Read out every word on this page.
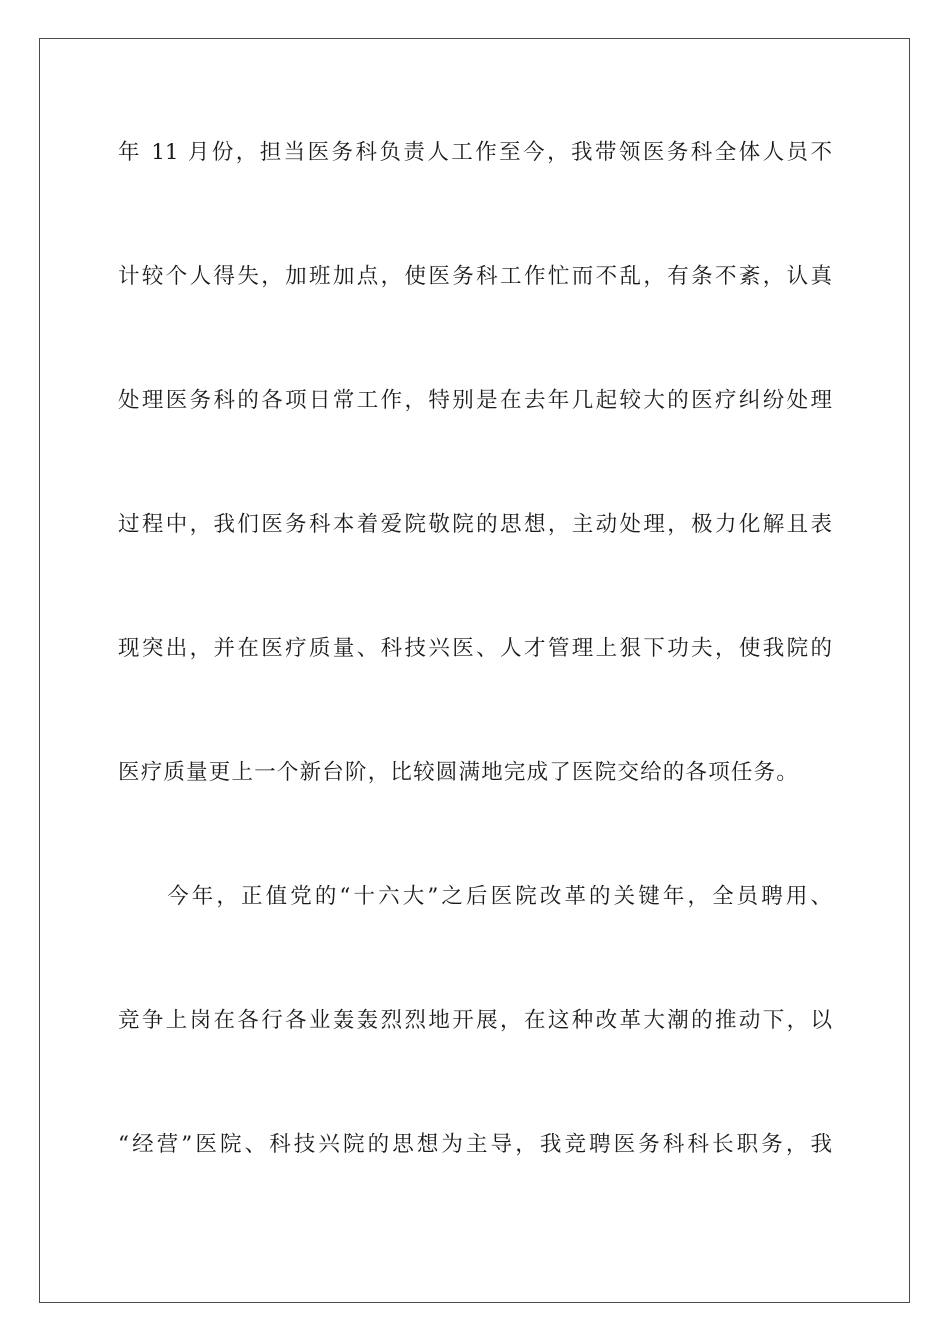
年 11 月份，担当医务科负责人工作至今，我带领医务科全体人员不
计较个人得失，加班加点，使医务科工作忙而不乱，有条不紊，认真
处理医务科的各项日常工作，特别是在去年几起较大的医疗纠纷处理
过程中，我们医务科本着爱院敬院的思想，主动处理，极力化解且表
现突出，并在医疗质量、科技兴医、人才管理上狠下功夫，使我院的
医疗质量更上一个新台阶，比较圆满地完成了医院交给的各项任务。
　　今年，正值党的“十六大”之后医院改革的关键年，全员聘用、
竞争上岗在各行各业轰轰烈烈地开展，在这种改革大潮的推动下，以
“经营”医院、科技兴院的思想为主导，我竞聘医务科科长职务，我
